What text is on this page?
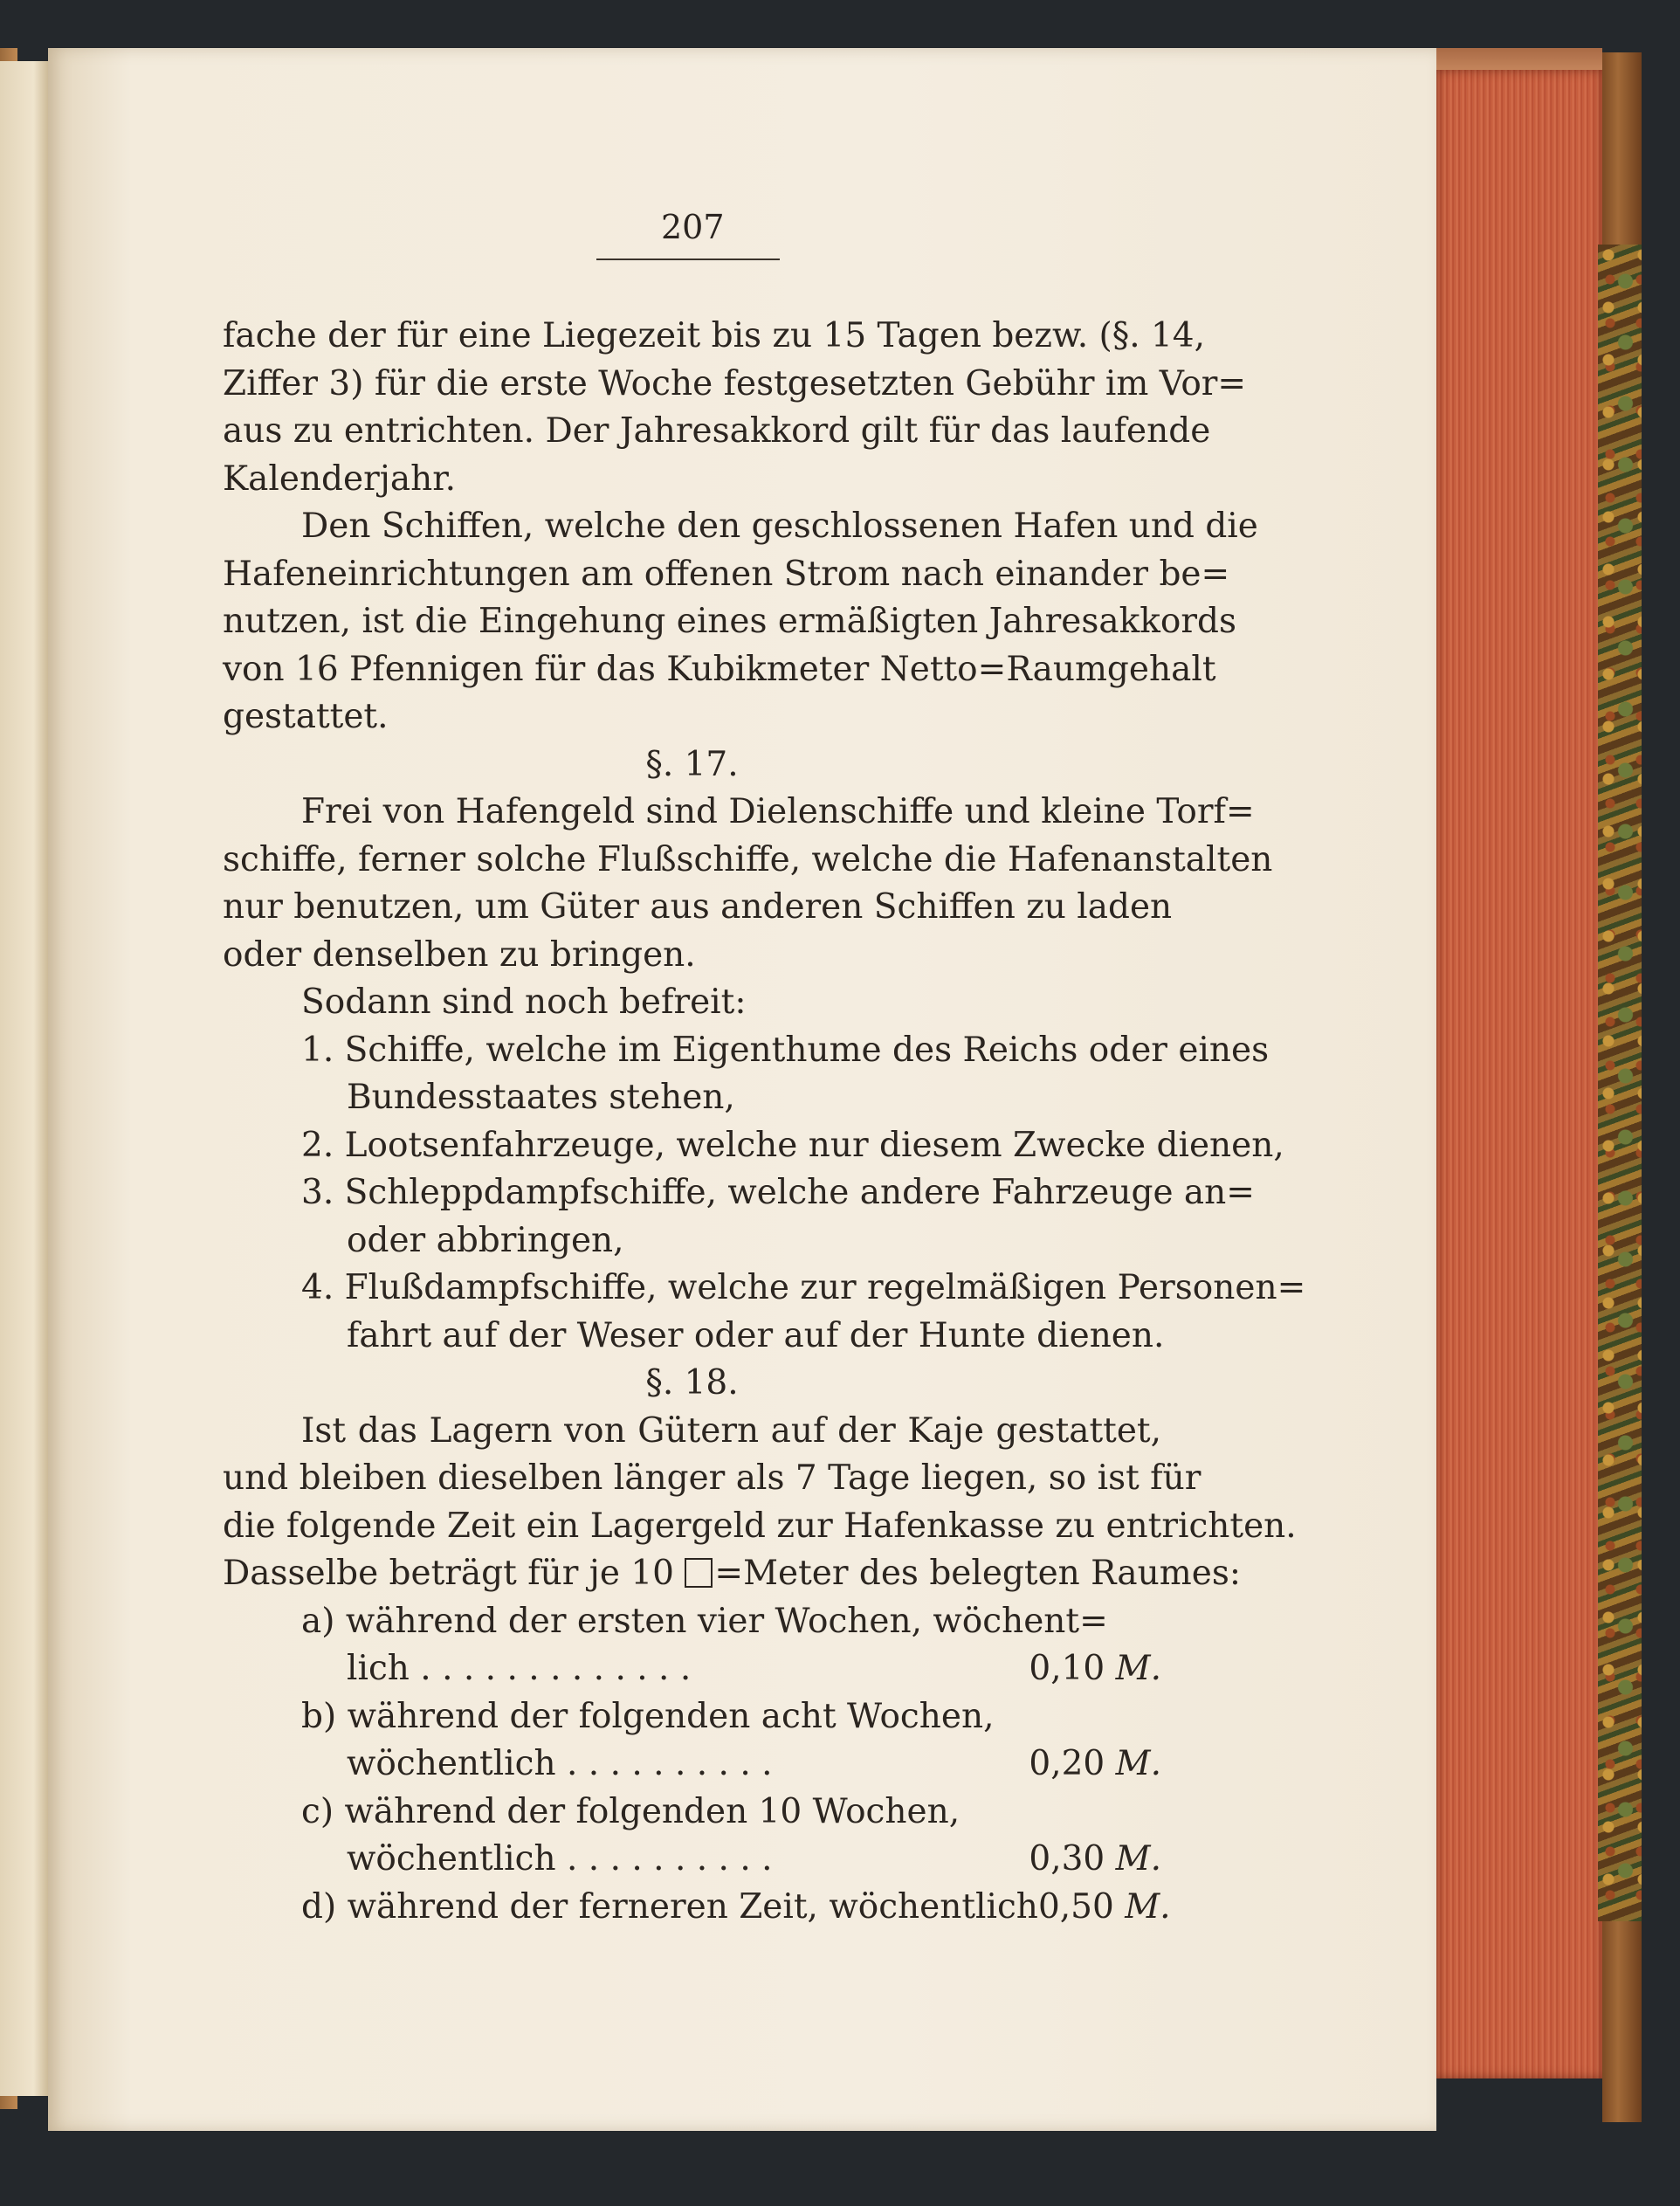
207
fache der für eine Liegezeit bis zu 15 Tagen bezw. (§. 14,
Ziffer 3) für die erste Woche festgesetzten Gebühr im Vor=
aus zu entrichten. Der Jahresakkord gilt für das laufende
Kalenderjahr.
Den Schiffen, welche den geschlossenen Hafen und die
Hafeneinrichtungen am offenen Strom nach einander be=
nutzen, ist die Eingehung eines ermäßigten Jahresakkords
von 16 Pfennigen für das Kubikmeter Netto=Raumgehalt
gestattet.
§. 17.
Frei von Hafengeld sind Dielenschiffe und kleine Torf=
schiffe, ferner solche Flußschiffe, welche die Hafenanstalten
nur benutzen, um Güter aus anderen Schiffen zu laden
oder denselben zu bringen.
Sodann sind noch befreit:
1. Schiffe, welche im Eigenthume des Reichs oder eines
Bundesstaates stehen,
2. Lootsenfahrzeuge, welche nur diesem Zwecke dienen,
3. Schleppdampfschiffe, welche andere Fahrzeuge an=
oder abbringen,
4. Flußdampfschiffe, welche zur regelmäßigen Personen=
fahrt auf der Weser oder auf der Hunte dienen.
§. 18.
Ist das Lagern von Gütern auf der Kaje gestattet,
und bleiben dieselben länger als 7 Tage liegen, so ist für
die folgende Zeit ein Lagergeld zur Hafenkasse zu entrichten.
Dasselbe beträgt für je 10 =Meter des belegten Raumes:
a) während der ersten vier Wochen, wöchent=
lich . . . . . . . . . . . . .	0,10 M.
b) während der folgenden acht Wochen,
wöchentlich . . . . . . . . . .	0,20 M.
c) während der folgenden 10 Wochen,
wöchentlich . . . . . . . . . .	0,30 M.
d) während der ferneren Zeit, wöchentlich 0,50 M.
